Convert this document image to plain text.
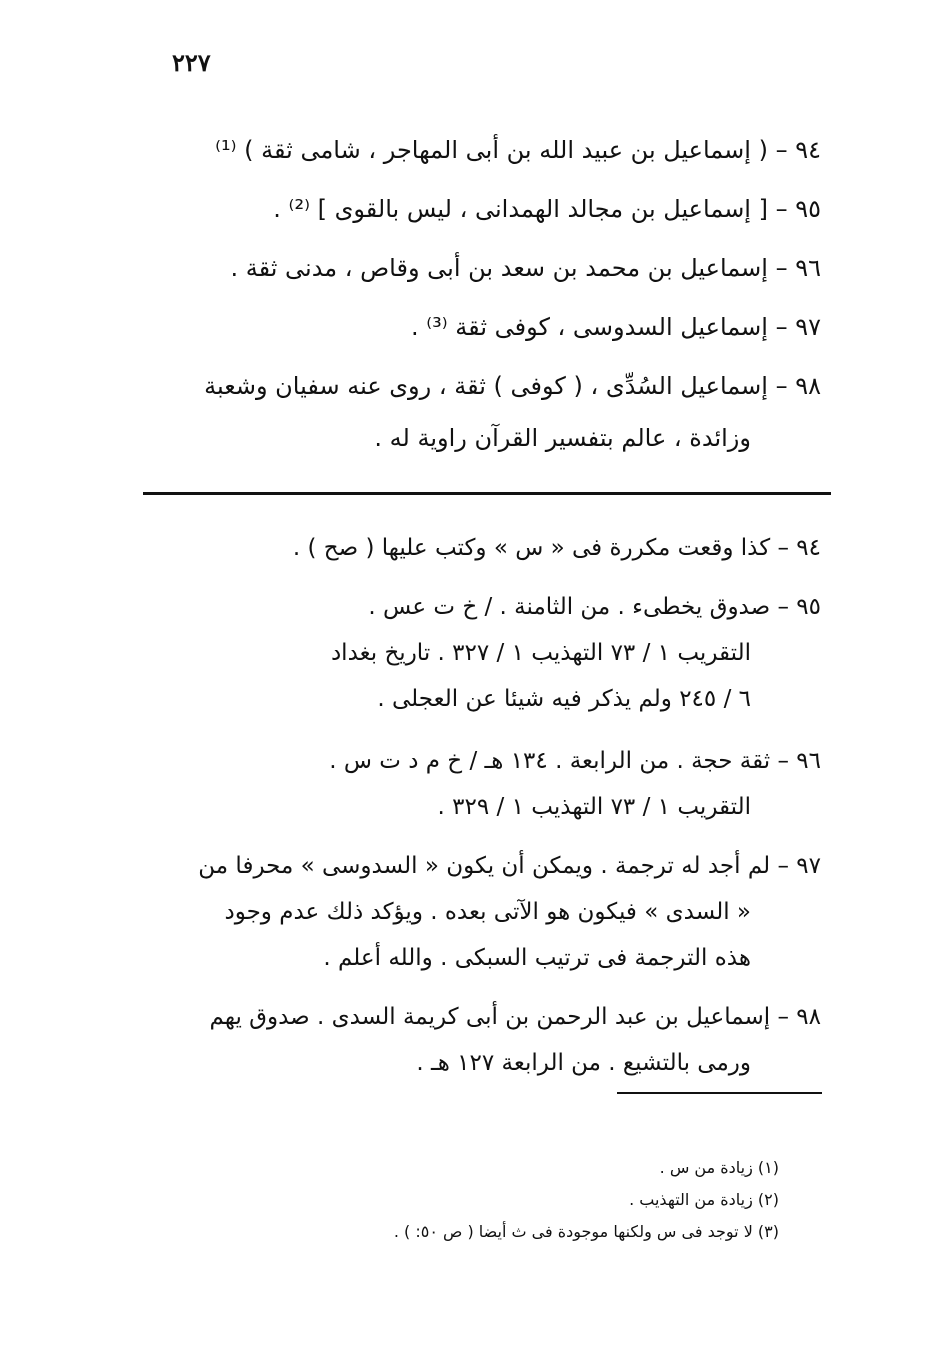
٢٢٧
٩٤ – ( إسماعيل بن عبيد الله بن أبى المهاجر ، شامى ثقة ) ⁽¹⁾
٩٥ – [ إسماعيل بن مجالد الهمدانى ، ليس بالقوى ] ⁽²⁾ .
٩٦ – إسماعيل بن محمد بن سعد بن أبى وقاص ، مدنى ثقة .
٩٧ – إسماعيل السدوسى ، كوفى ثقة ⁽³⁾ .
٩٨ – إسماعيل السُدِّى ، ( كوفى ) ثقة ، روى عنه سفيان وشعبة
وزائدة ، عالم بتفسير القرآن راوية له .
٩٤ – كذا وقعت مكررة فى « س » وكتب عليها ( صح ) .
٩٥ – صدوق يخطىء . من الثامنة . / خ ت عس .
التقريب ١ / ٧٣ التهذيب ١ / ٣٢٧ . تاريخ بغداد
٦ / ٢٤٥ ولم يذكر فيه شيئا عن العجلى .
٩٦ – ثقة حجة . من الرابعة . ١٣٤ هـ / خ م د ت س .
التقريب ١ / ٧٣ التهذيب ١ / ٣٢٩ .
٩٧ – لم أجد له ترجمة . ويمكن أن يكون « السدوسى » محرفا من
« السدى » فيكون هو الآتى بعده . ويؤكد ذلك عدم وجود
هذه الترجمة فى ترتيب السبكى . والله أعلم .
٩٨ – إسماعيل بن عبد الرحمن بن أبى كريمة السدى . صدوق يهم
ورمى بالتشيع . من الرابعة ١٢٧ هـ .
(١) زيادة من س .
(٢) زيادة من التهذيب .
(٣) لا توجد فى س ولكنها موجودة فى ث أيضا ( ص ٥٠: ) .
